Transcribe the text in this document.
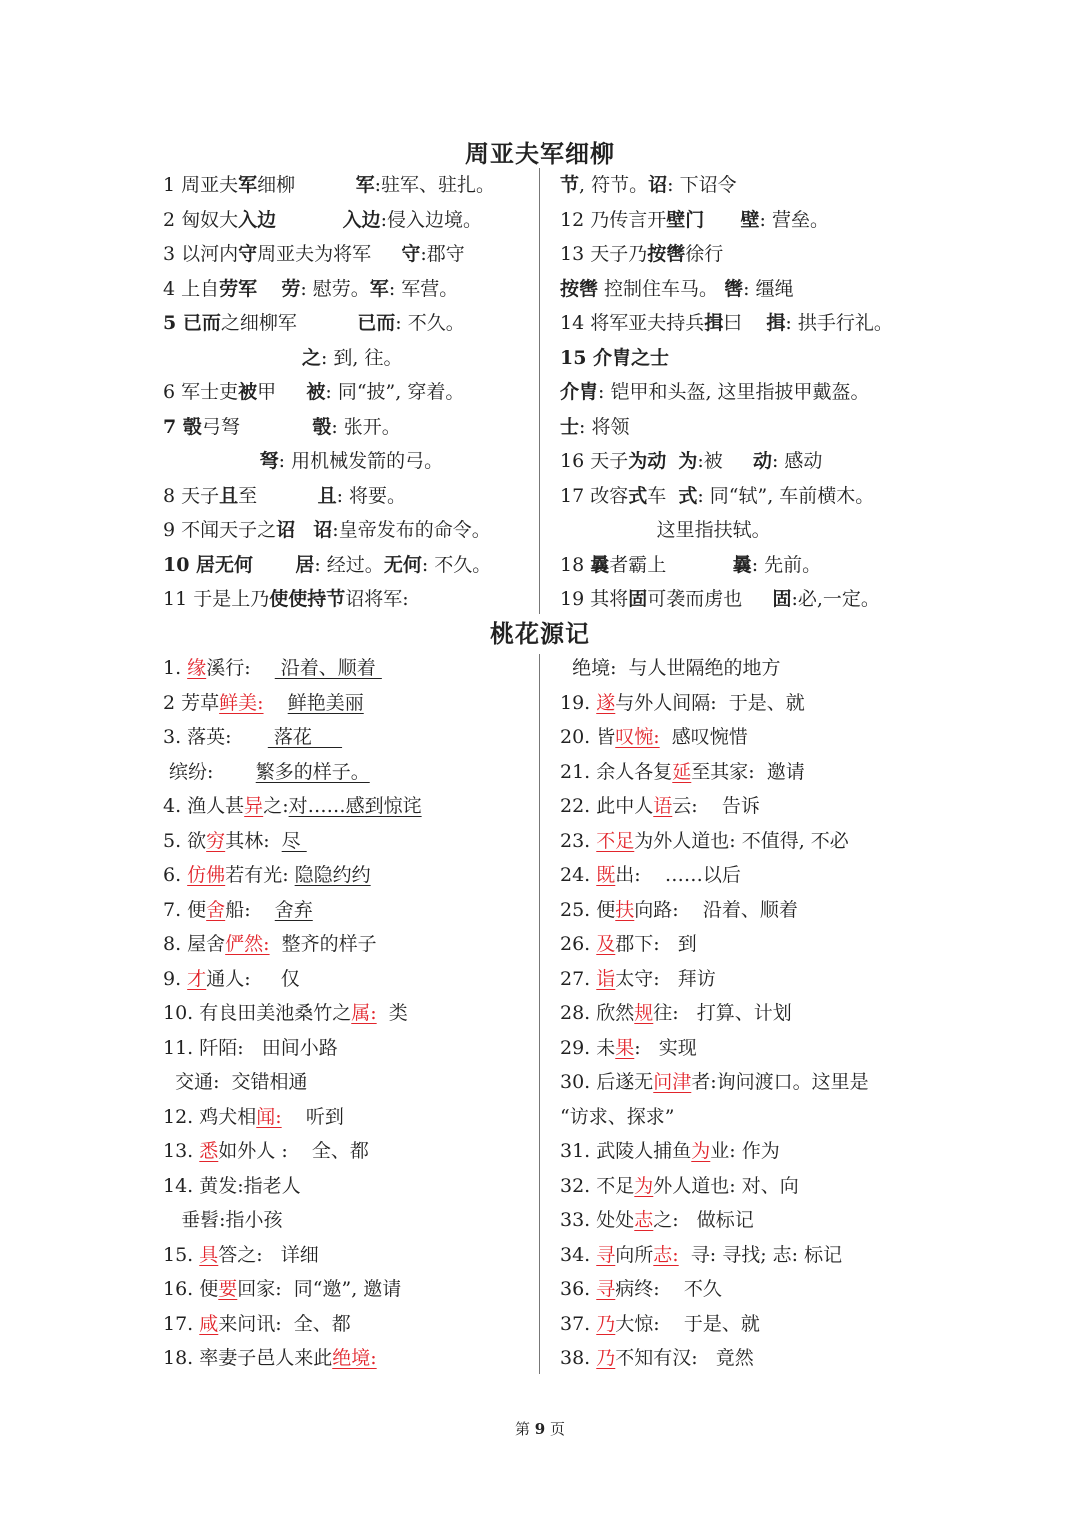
周亚夫军细柳
1 周亚夫军细柳          军:驻军、驻扎。
2 匈奴大入边	入边:侵入边境。
3 以河内守周亚夫为将军     守:郡守
4 上自劳军 劳: 慰劳。军: 军营。
5 已而之细柳军          已而: 不久。
之: 到, 往。
6 军士吏被甲     被: 同“披”, 穿着。
7 彀弓弩            彀: 张开。
弩: 用机械发箭的弓。
8 天子且至          且: 将要。
9 不闻天子之诏 诏:皇帝发布的命令。
10 居无何 居: 经过。无何: 不久。
11 于是上乃使使持节诏将军:
节, 符节。诏: 下诏令
12 乃传言开壁门 壁: 营垒。
13 天子乃按辔徐行
按辔 控制住车马。 辔: 缰绳
14 将军亚夫持兵揖曰    揖: 拱手行礼。
15 介胄之士
介胄: 铠甲和头盔, 这里指披甲戴盔。
士: 将领
16 天子为动 为:被     动: 感动
17 改容式车  式: 同“轼”, 车前横木。
这里指扶轼。
18 曩者霸上           曩: 先前。
19 其将固可袭而虏也     固:必,一定。
桃花源记
1. 缘溪行:     沿着、顺着
2 芳草鲜美: 鲜艳美丽
3. 落英:       落花
缤纷:       繁多的样子。
4. 渔人甚异之:对……感到惊诧
5. 欲穷其林:  尽
6. 仿佛若有光: 隐隐约约
7. 便舍船:    舍弃
8. 屋舍俨然:  整齐的样子
9. 才通人:     仅
10. 有良田美池桑竹之属:  类
11. 阡陌:   田间小路
交通:  交错相通
12. 鸡犬相闻:    听到
13. 悉如外人 :    全、都
14. 黄发:指老人
垂髫:指小孩
15. 具答之:   详细
16. 便要回家:  同“邀”, 邀请
17. 咸来问讯:  全、都
18. 率妻子邑人来此绝境:
绝境:  与人世隔绝的地方
19. 遂与外人间隔:  于是、就
20. 皆叹惋:  感叹惋惜
21. 余人各复延至其家:  邀请
22. 此中人语云:    告诉
23. 不足为外人道也: 不值得, 不必
24. 既出:    ……以后
25. 便扶向路:    沿着、顺着
26. 及郡下:   到
27. 诣太守:   拜访
28. 欣然规往:   打算、计划
29. 未果:   实现
30. 后遂无问津者:询问渡口。这里是
“访求、探求”
31. 武陵人捕鱼为业: 作为
32. 不足为外人道也: 对、向
33. 处处志之:   做标记
34. 寻向所志:  寻: 寻找; 志: 标记
36. 寻病终:    不久
37. 乃大惊:    于是、就
38. 乃不知有汉:   竟然
第 9 页
